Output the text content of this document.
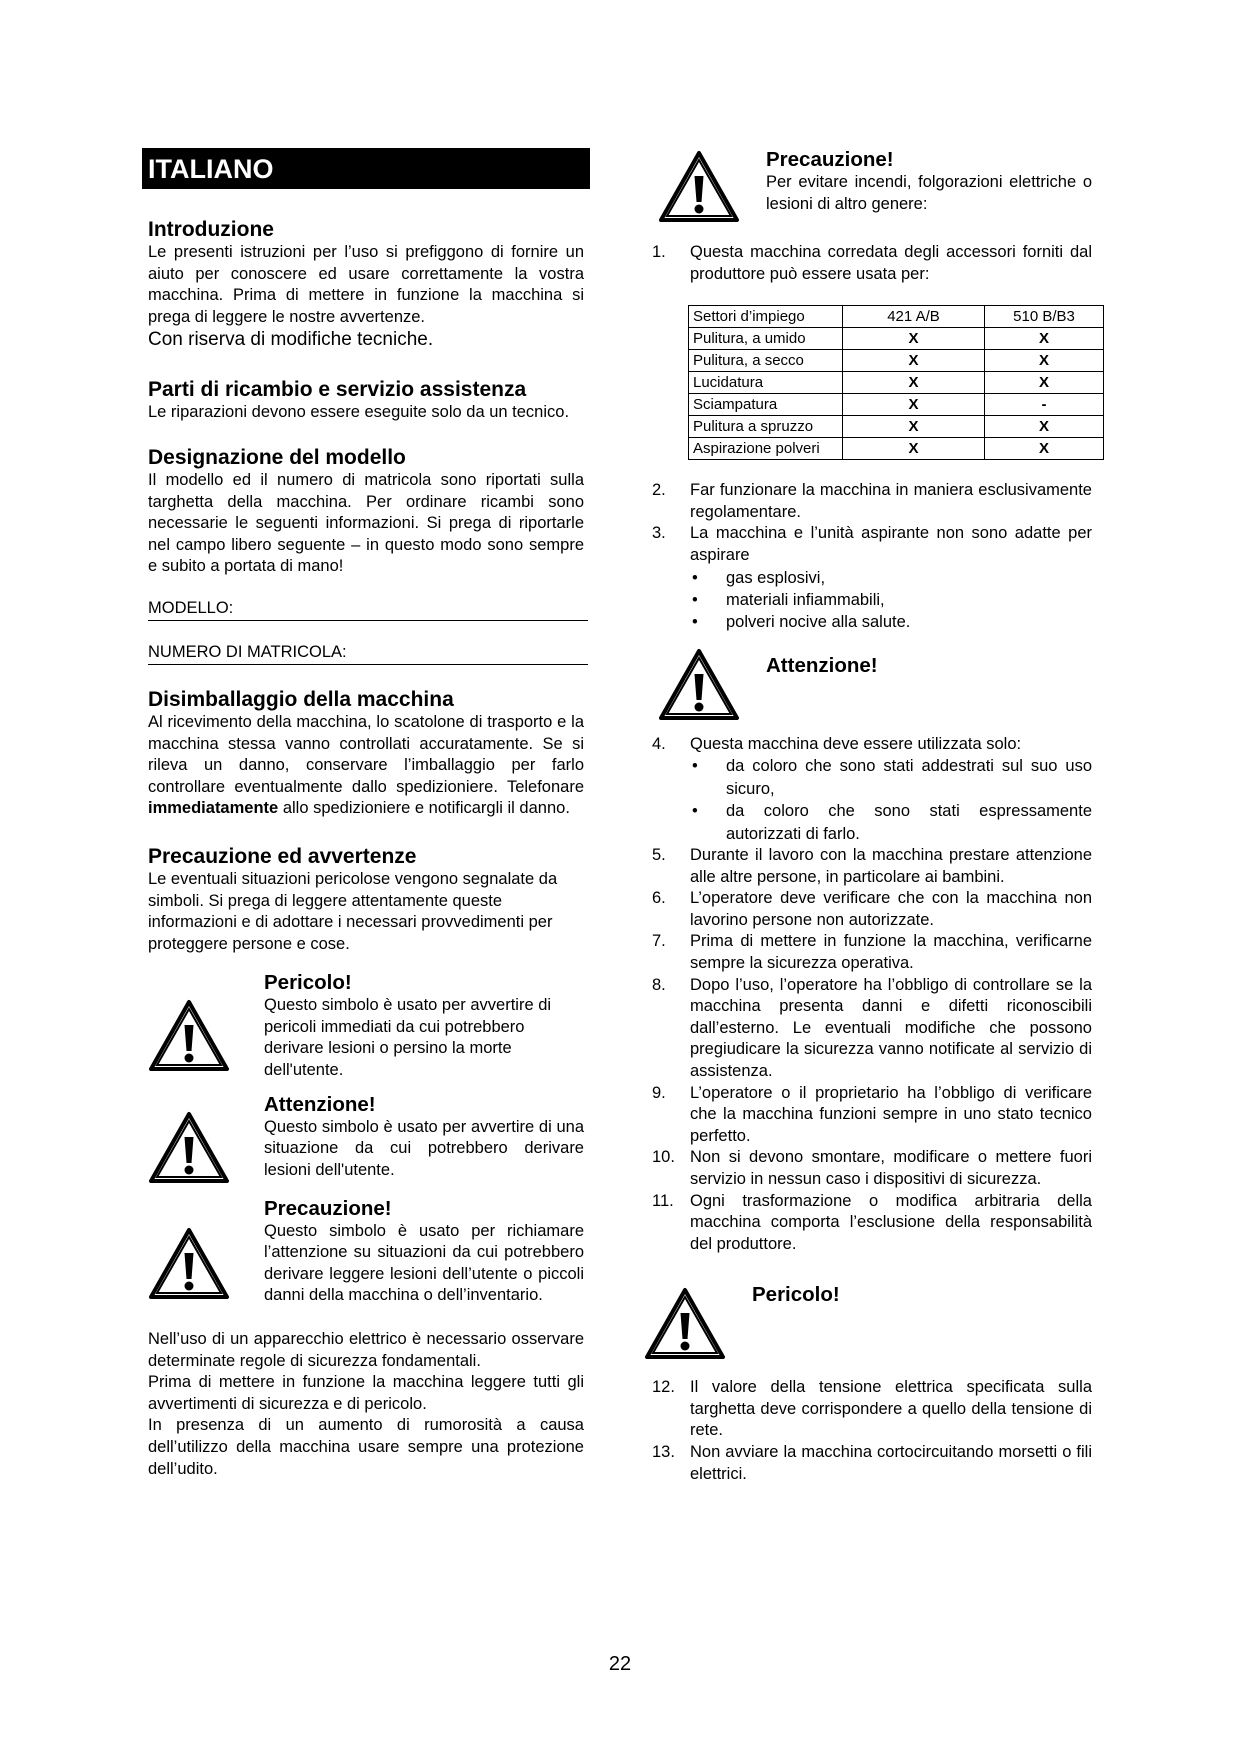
ITALIANO
Introduzione

Le presenti istruzioni per l’uso si prefiggono di fornire un aiuto per conoscere ed usare correttamente la vostra macchina. Prima di mettere in funzione la macchina si prega di leggere le nostre avvertenze.

Con riserva di modifiche tecniche.

Parti di ricambio e servizio assistenza

Le riparazioni devono essere eseguite solo da un tecnico.

Designazione del modello

Il modello ed il numero di matricola sono riportati sulla targhetta della macchina. Per ordinare ricambi sono necessarie le seguenti informazioni. Si prega di riportarle nel campo libero seguente – in questo modo sono sempre e subito a portata di mano!

MODELLO:
NUMERO DI MATRICOLA:
Disimballaggio della macchina

Al ricevimento della macchina, lo scatolone di trasporto e la macchina stessa vanno controllati accuratamente. Se si rileva un danno, conservare l’imballaggio per farlo controllare eventualmente dallo spedizioniere. Telefonare immediatamente allo spedizioniere e notificargli il danno.

Precauzione ed avvertenze

Le eventuali situazioni pericolose vengono segnalate da simboli. Si prega di leggere attentamente queste informazioni e di adottare i necessari provvedimenti per proteggere persone e cose.

Pericolo!

Questo simbolo è usato per avvertire di pericoli immediati da cui potrebbero derivare lesioni o persino la morte dell'utente.

Attenzione!

Questo simbolo è usato per avvertire di una situazione da cui potrebbero derivare lesioni dell'utente.

Precauzione!

Questo simbolo è usato per richiamare l’attenzione su situazioni da cui potrebbero derivare leggere lesioni dell’utente o piccoli danni della macchina o dell’inventario.

Nell’uso di un apparecchio elettrico è necessario osservare determinate regole di sicurezza fondamentali.

Prima di mettere in funzione la macchina leggere tutti gli avvertimenti di sicurezza e di pericolo.

In presenza di un aumento di rumorosità a causa dell’utilizzo della macchina usare sempre una protezione dell’udito.

Precauzione!

Per evitare incendi, folgorazioni elettriche o lesioni di altro genere:

1. Questa macchina corredata degli accessori forniti dal produttore può essere usata per:
Settori d’impiego	421 A/B	510 B/B3
Pulitura, a umido	X	X
Pulitura, a secco	X	X
Lucidatura	X	X
Sciampatura	X	-
Pulitura a spruzzo	X	X
Aspirazione polveri	X	X
2. Far funzionare la macchina in maniera esclusivamente regolamentare.
3. La macchina e l’unità aspirante non sono adatte per aspirare
• gas esplosivi,
• materiali infiammabili,
• polveri nocive alla salute.
Attenzione!
4. Questa macchina deve essere utilizzata solo:
• da coloro che sono stati addestrati sul suo uso sicuro,
• da coloro che sono stati espressamente autorizzati di farlo.
5. Durante il lavoro con la macchina prestare attenzione alle altre persone, in particolare ai bambini.
6. L’operatore deve verificare che con la macchina non lavorino persone non autorizzate.
7. Prima di mettere in funzione la macchina, verificarne sempre la sicurezza operativa.
8. Dopo l’uso, l’operatore ha l’obbligo di controllare se la macchina presenta danni e difetti riconoscibili dall’esterno. Le eventuali modifiche che possono pregiudicare la sicurezza vanno notificate al servizio di assistenza.
9. L’operatore o il proprietario ha l’obbligo di verificare che la macchina funzioni sempre in uno stato tecnico perfetto.
10. Non si devono smontare, modificare o mettere fuori servizio in nessun caso i dispositivi di sicurezza.
11. Ogni trasformazione o modifica arbitraria della macchina comporta l’esclusione della responsabilità del produttore.
Pericolo!
12. Il valore della tensione elettrica specificata sulla targhetta deve corrispondere a quello della tensione di rete.
13. Non avviare la macchina cortocircuitando morsetti o fili elettrici.
22
